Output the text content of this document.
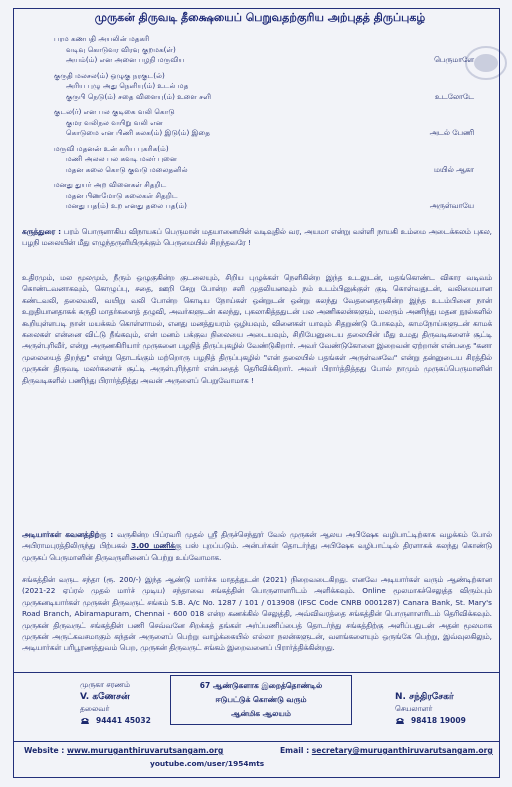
முருகன் திருவடி தீக்ஷையைப் பெறுவதற்குரிய அற்புதத் திருப்புகழ்
பரம கணபதி அயலின் மதகரி
வடிவு கொடுவர விரவு குறமக(ள்)
அயம்(ம்) என அனை பழநி மருவிய	பெருமாளே
குருதி மலசல(ம்) ஒழுகு நரகுட(ல்)
அரிய புழு அது நெளியு(ம்) உடல் மத
குருபி நெடு(ம்) சதை விளையு(ம்) உளை சளி	உடலோடே
குடல(ர்) என பல குடிகை வலி கொடு
குமர வலிநல வயிறு வலி என
கொடுமை என பிணி கலக(ம்) இடு(ம்) இதை	அடல் பேணி
மருவி மதனன் உன் கரிய புகரிக(ம்)
மணி அலல பல கவடி மலர் புனை
மதன கலை கொடு குவடு மலைதனில்	மயில் ஆகா
மனது துயர் அற வினைகள் சிதறிட
மதன பிணமோடு கலைகள் சிதறிட
மனது பத(ம்) உற எனது தலை பத(ம்)	அருள்வாயே
கருத்துரை : பரம் பொருளாகிய விநாயகப் பெருமான் மதயானையின் வடிவுதில் வர, அயமா என்று வள்ளி நாயகி உம்மை அடைக்கலம் புகல, பழநி மலையின் மீது எழுந்தருளியிருக்கும் பெருமையில் சிறந்தவரே !
உதிரமும், மல மூலமும், நீரும் ஒழுகுகின்ற குடலையும், சிறிய புழுக்கள் நெளிகின்ற இந்த உடலுடன், மதங்கொண்ட விகார வடிவம் கொண்டவனாகவும், கொழுப்பு, சதை, ஊறி சேறு போன்ற சளி முதலியனவும் நம் உடம்பினுக்குள் குடி கொள்வதுடன், வலிமையான கண்டவலி, தலைவலி, வயிறு வலி போன்ற கொடிய நோய்கள் ஒன்றுடன் ஒன்று கலந்து வேதனைதருகின்ற இந்த உடம்பினை நான் உறுதியானதாகக் கருதி மாதர்களைத் தழுவி, அவர்களுடன் கலந்து, புகலாகித்ததுடன் பல அணிகலன்களும், மலரும் அணிந்து மதன நூல்களில் கூறியுள்ளபடி நான் மயக்கம் கொள்ளாமல், எனது மனத்துயரம் ஒழியவும், வினைகள் யாவும் சிதறுண்டு போகவும், காமநோய்களுடன் காமக் கலைகள் என்னை விட்டு நீங்கவும், என் மனம் பக்குவ நிலையை அடையவும், சிறியேனுடைய தலையின் மீது உமது திருவடிகளைச் சூட்டி அருள்புரிவீர், என்று அருணகிரியார் முருகனை பழநித் திருப்புகழில் வேண்டுகிறார். அவர் வேண்டுகோளை இறைவன் ஏற்றான் என்பதை "கனா முலையைத் திறந்து" என்று தொடங்கும் மற்றொரு பழநித் திருப்புகழில் "என் தலையில் பதங்கள் அருள்வசவே" என்று தன்னுடைய சிரத்தில் முருகன் திருவடி மலர்களைச் சூட்டி அருள்புரிந்தார் என்பதைத் தெரிவிக்கிறார். அவர் பிரார்த்தித்தது போல் நாமும் முருகப்பெருமானின் திருவடிகளில் பணிந்து பிரார்த்தித்து அவன் அருளைப் பெறுவோமாக !
அடியார்கள் கவனத்திற்கு : வருகின்ற பிப்ரவரி முதல் ஸ்ரீ திருச்செந்தூர் வேல் முருகன் ஆலய அபிஷேக வழிபாட்டிற்காக வழக்கம் போல் அபிராமபுரத்திலிருந்து பிற்பகல் 3.00 மணிக்கு பஸ் புறப்படும். அன்பர்கள் தொடர்ந்து அபிஷேக வழிபாட்டில் திரளாகக் கலந்து கொண்டு முருகப் பெருமானின் திருவருளினைப் பெற்று உய்வோமாக.
சங்கத்தின் வருட சந்தா (ரூ. 200/-) இந்த ஆண்டு மார்ச்சு மாதத்துடன் (2021) நிறைவடைகிறது. எனவே அடியார்கள் வரும் ஆண்டிற்கான (2021-22 ஏப்ரல் முதல் மார்ச் முடிய) சந்தாவை சங்கத்தின் பொருளாளரிடம் அளிக்கவும். Online மூலமாகச்செலுத்த விரும்பும் முருகனடியார்கள் முருகன் திருவருட் சங்கம் S.B. A/c No. 1287 / 101 / 013908 (IFSC Code CNRB 0001287) Canara Bank, St. Mary's Road Branch, Abiramapuram, Chennai - 600 018 என்ற கணக்கில் செலுத்தி, அவ்விவரத்தை சங்கத்தின் பொருளாளரிடம் தெரிவிக்கவும். முருகன் திருவருட் சங்கத்தின் பணி செவ்வனே சிறக்கத் தங்கள் அர்ப்பணிப்பைத் தொடர்ந்து சங்கத்திற்கு அளிப்பதுடன் அதன் மூலமாக முருகன் அருட்கவசமாகும் கந்தன் அருளைப் பெற்று வாழ்க்கையில் எல்லா நலன்களுடன், வளங்களையும் ஒருங்கே பெற்று, இவ்வுலகிலும், அடியார்கள் பரிபூரணத்துவம் பெற, முருகன் திருவருட் சங்கம் இறைவனைப் பிரார்த்திக்கின்றது.
முருகா சரணம்
V. கணேசன்
தலைவர்
94441 45032
67 ஆண்டுகளாக இறைத்தொண்டில்
ஈடுபட்டுக் கொண்டு வரும்
ஆன்மிக ஆலயம்
N. சந்திரசேகர்
செயலாளர்
98418 19009
Website : www.muruganthiruvarutsangam.org	Email : secretary@muruganthiruvarutsangam.org
youtube.com/user/1954mts
